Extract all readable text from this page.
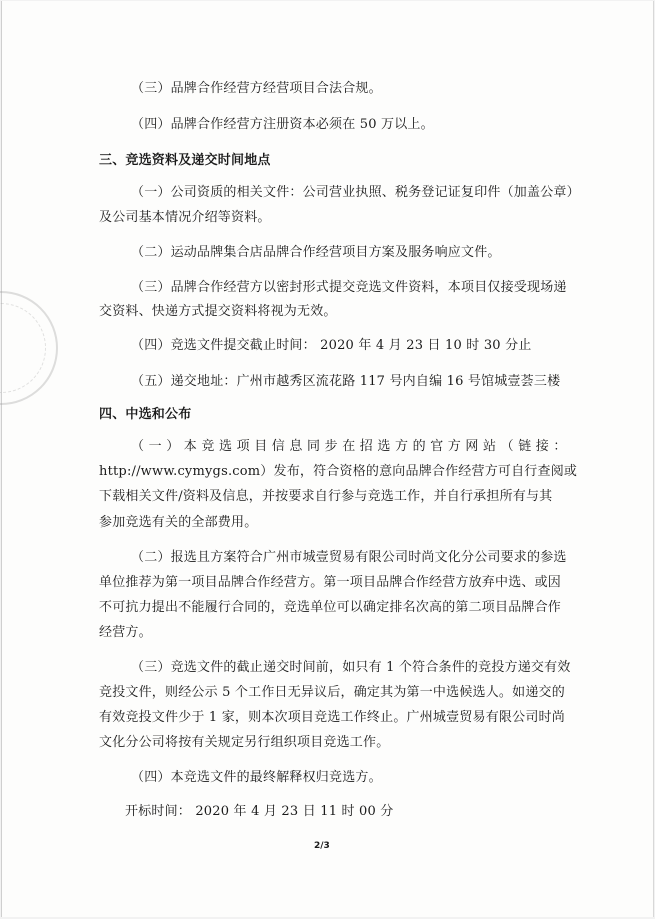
（三）品牌合作经营方经营项目合法合规。
（四）品牌合作经营方注册资本必须在 50 万以上。
三、竞选资料及递交时间地点
（一）公司资质的相关文件：公司营业执照、税务登记证复印件（加盖公章）
及公司基本情况介绍等资料。
（二）运动品牌集合店品牌合作经营项目方案及服务响应文件。
（三）品牌合作经营方以密封形式提交竞选文件资料，本项目仅接受现场递
交资料、快递方式提交资料将视为无效。
（四）竞选文件提交截止时间： 2020 年 4 月 23 日 10 时 30 分止
（五）递交地址：广州市越秀区流花路 117 号内自编 16 号馆城壹荟三楼
四、中选和公布
（一）本竞选项目信息同步在招选方的官方网站（链接：
http://www.cymygs.com）发布，符合资格的意向品牌合作经营方可自行查阅或
下载相关文件/资料及信息，并按要求自行参与竞选工作，并自行承担所有与其
参加竞选有关的全部费用。
（二）报选且方案符合广州市城壹贸易有限公司时尚文化分公司要求的参选
单位推荐为第一项目品牌合作经营方。第一项目品牌合作经营方放弃中选、或因
不可抗力提出不能履行合同的，竞选单位可以确定排名次高的第二项目品牌合作
经营方。
（三）竞选文件的截止递交时间前，如只有 1 个符合条件的竞投方递交有效
竞投文件，则经公示 5 个工作日无异议后，确定其为第一中选候选人。如递交的
有效竞投文件少于 1 家，则本次项目竞选工作终止。广州城壹贸易有限公司时尚
文化分公司将按有关规定另行组织项目竞选工作。
（四）本竞选文件的最终解释权归竞选方。
开标时间： 2020 年 4 月 23 日 11 时 00 分
2/3
